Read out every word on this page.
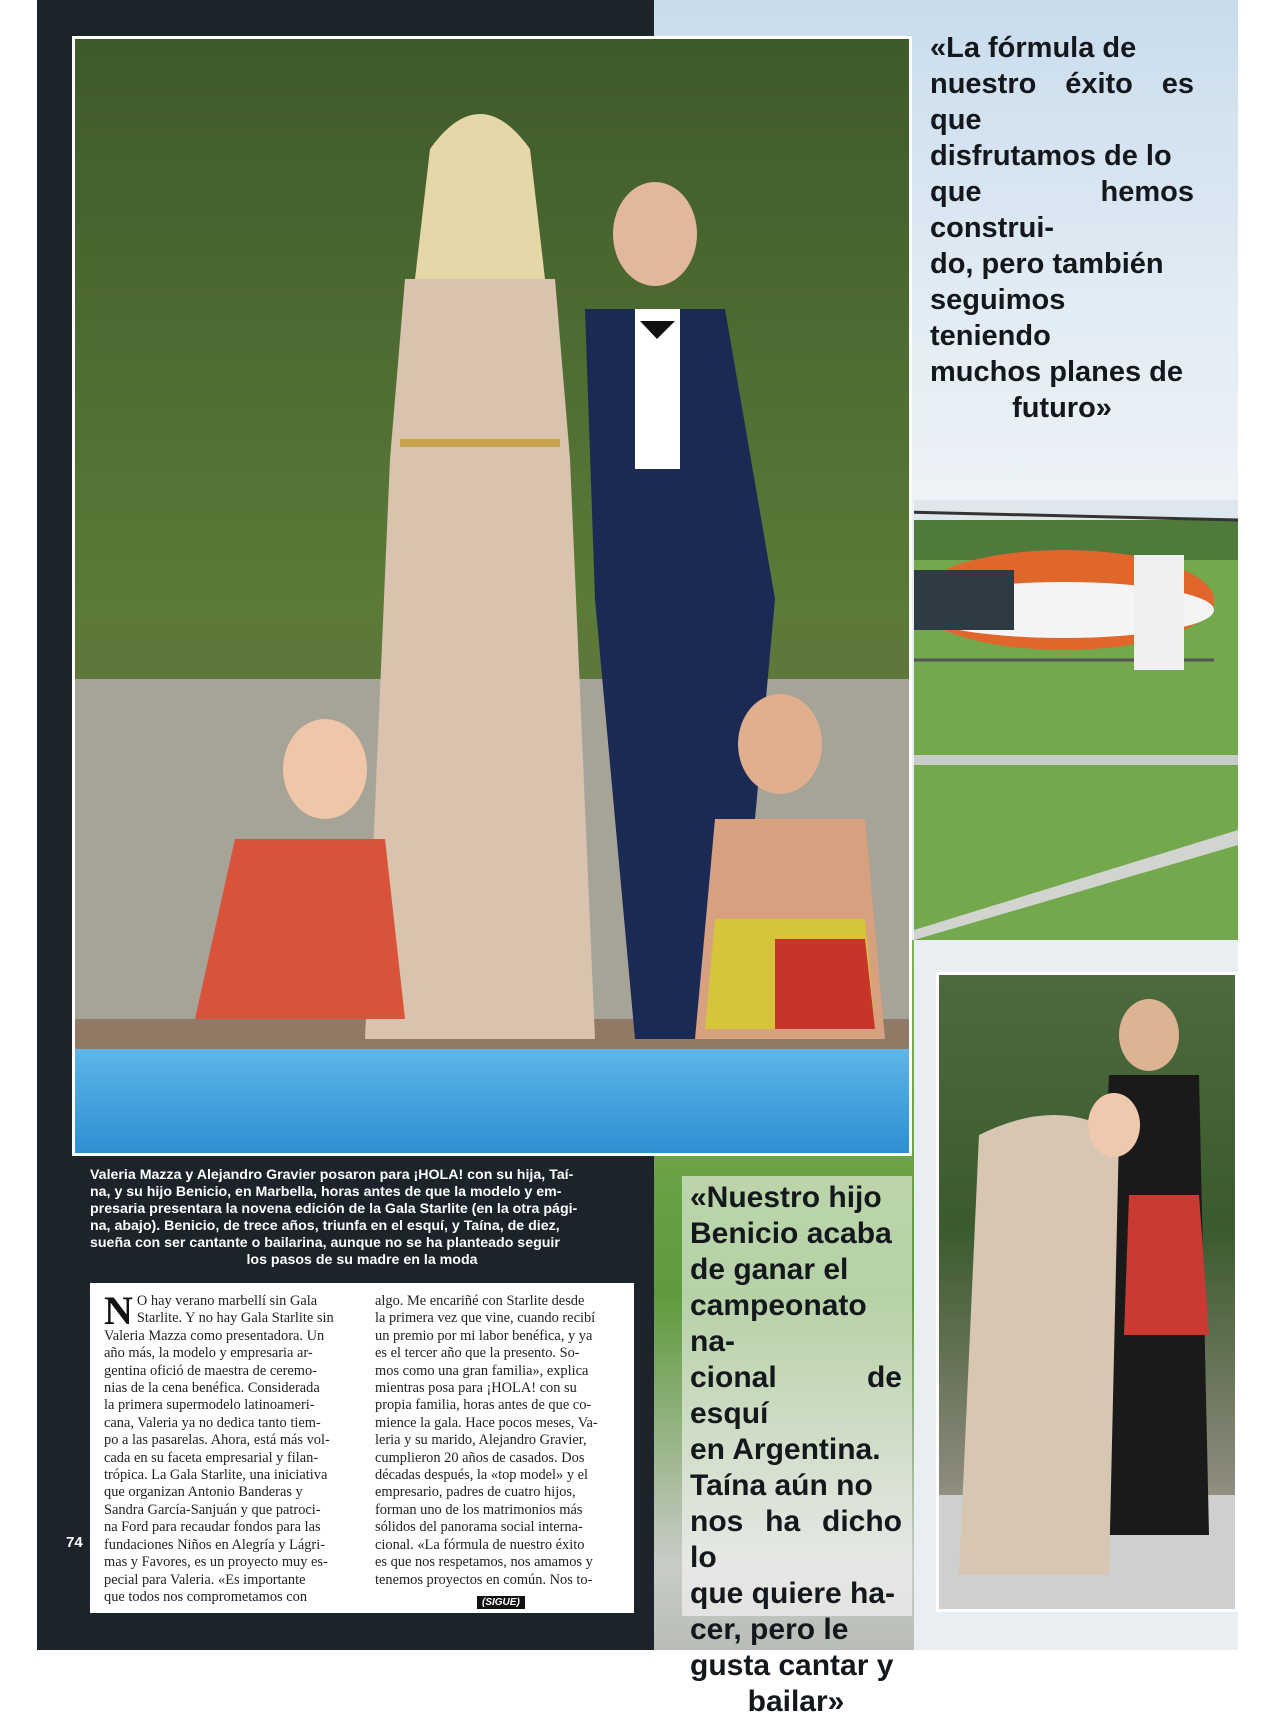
«La fórmula de
nuestro éxito es que
disfrutamos de lo
que hemos construi-
do, pero también
seguimos teniendo
muchos planes de
futuro»
«Nuestro hijo
Benicio acaba
de ganar el
campeonato na-
cional de esquí
en Argentina.
Taína aún no
nos ha dicho lo
que quiere ha-
cer, pero le
gusta cantar y
bailar»
Valeria Mazza y Alejandro Gravier posaron para ¡HOLA! con su hija, Taí-
na, y su hijo Benicio, en Marbella, horas antes de que la modelo y em-
presaria presentara la novena edición de la Gala Starlite (en la otra pági-
na, abajo). Benicio, de trece años, triunfa en el esquí, y Taína, de diez,
sueña con ser cantante o bailarina, aunque no se ha planteado seguir
los pasos de su madre en la moda
N O hay verano marbellí sin Gala
Starlite. Y no hay Gala Starlite sin
Valeria Mazza como presentadora. Un
año más, la modelo y empresaria ar-
gentina ofició de maestra de ceremo-
nias de la cena benéfica. Considerada
la primera supermodelo latinoameri-
cana, Valeria ya no dedica tanto tiem-
po a las pasarelas. Ahora, está más vol-
cada en su faceta empresarial y filan-
trópica. La Gala Starlite, una iniciativa
que organizan Antonio Banderas y
Sandra García-Sanjuán y que patroci-
na Ford para recaudar fondos para las
fundaciones Niños en Alegría y Lágri-
mas y Favores, es un proyecto muy es-
pecial para Valeria. «Es importante
que todos nos comprometamos con
algo. Me encariñé con Starlite desde
la primera vez que vine, cuando recibí
un premio por mi labor benéfica, y ya
es el tercer año que la presento. So-
mos como una gran familia», explica
mientras posa para ¡HOLA! con su
propia familia, horas antes de que co-
mience la gala. Hace pocos meses, Va-
leria y su marido, Alejandro Gravier,
cumplieron 20 años de casados. Dos
décadas después, la «top model» y el
empresario, padres de cuatro hijos,
forman uno de los matrimonios más
sólidos del panorama social interna-
cional. «La fórmula de nuestro éxito
es que nos respetamos, nos amamos y
tenemos proyectos en común. Nos to-
(SIGUE)
74
